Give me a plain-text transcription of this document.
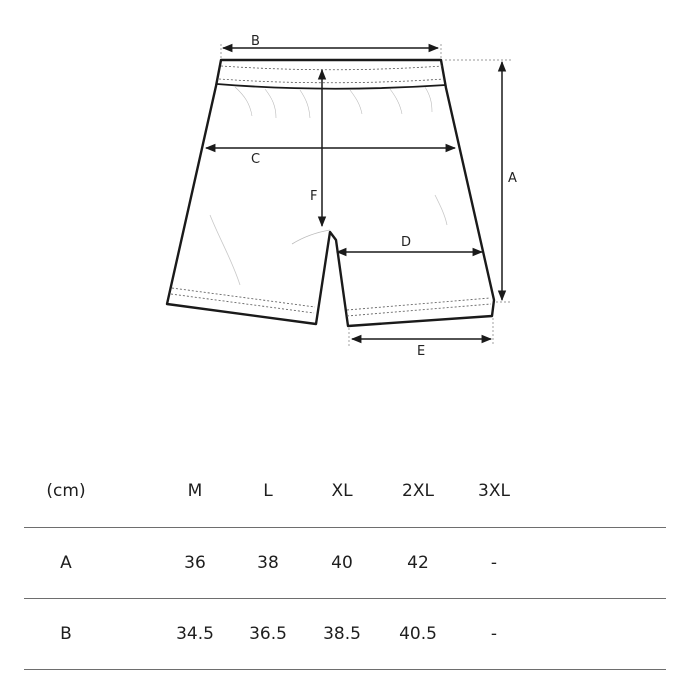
B
C
F
D
A
E
(cm)	M	L	XL	2XL	3XL
A	36	38	40	42	-
B	34.5	36.5	38.5	40.5	-
